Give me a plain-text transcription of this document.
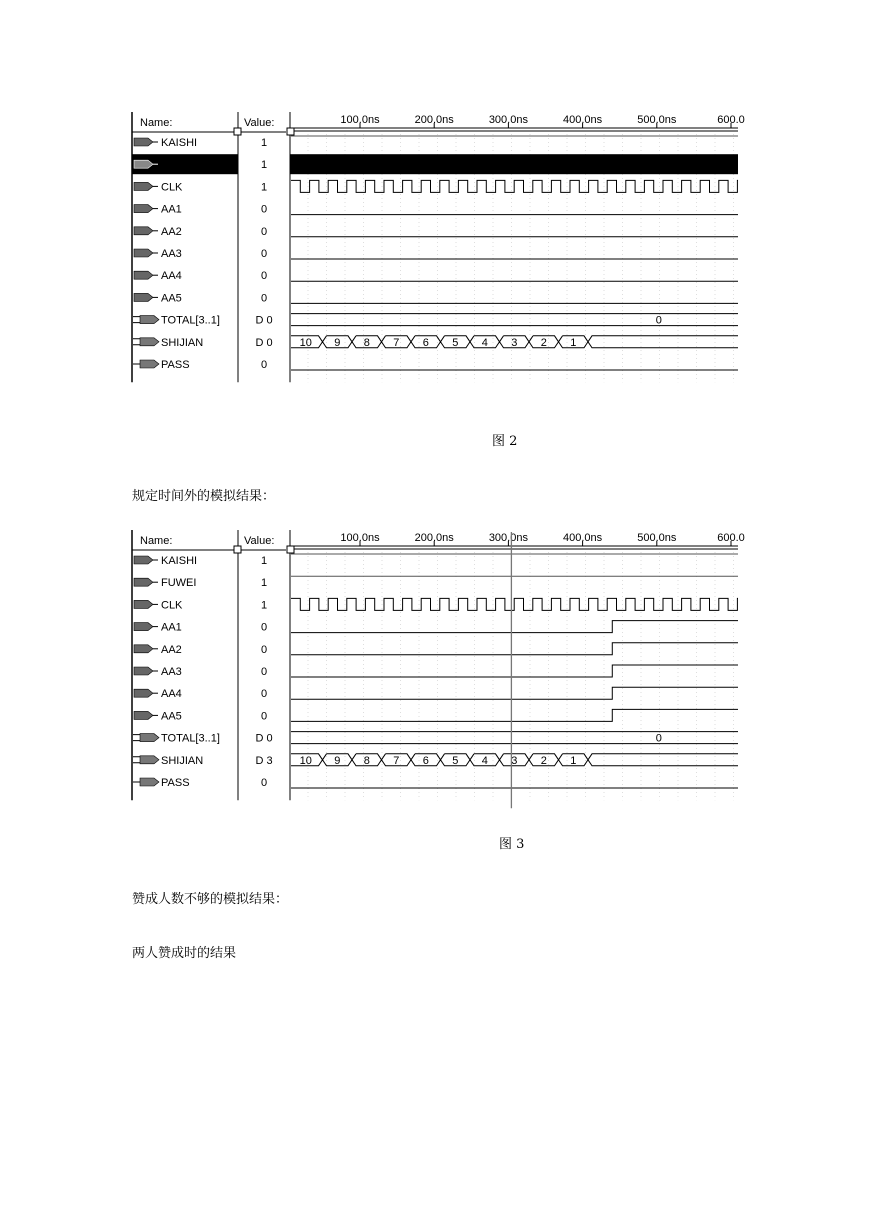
Name:	Value:	100.0ns	200.0ns	300.0ns	400.0ns	500.0ns	600.0
KAISHI	1
FUWEI	1
CLK	1
AA1	0
AA2	0
AA3	0
AA4	0
AA5	0
TOTAL[3..1]	D 0	0
SHIJIAN	D 0 10 9 8 7 6 5 4 3 2 1
PASS	0
图 2
规定时间外的模拟结果：
Name:	Value:	100.0ns	200.0ns	300.0ns	400.0ns	500.0ns	600.0
KAISHI	1
FUWEI	1
CLK	1
AA1	0
AA2	0
AA3	0
AA4	0
AA5	0
TOTAL[3..1]	D 0	0
SHIJIAN	D 3 10 9 8 7 6 5 4 3 2 1
PASS	0
图 3
赞成人数不够的模拟结果：
两人赞成时的结果
